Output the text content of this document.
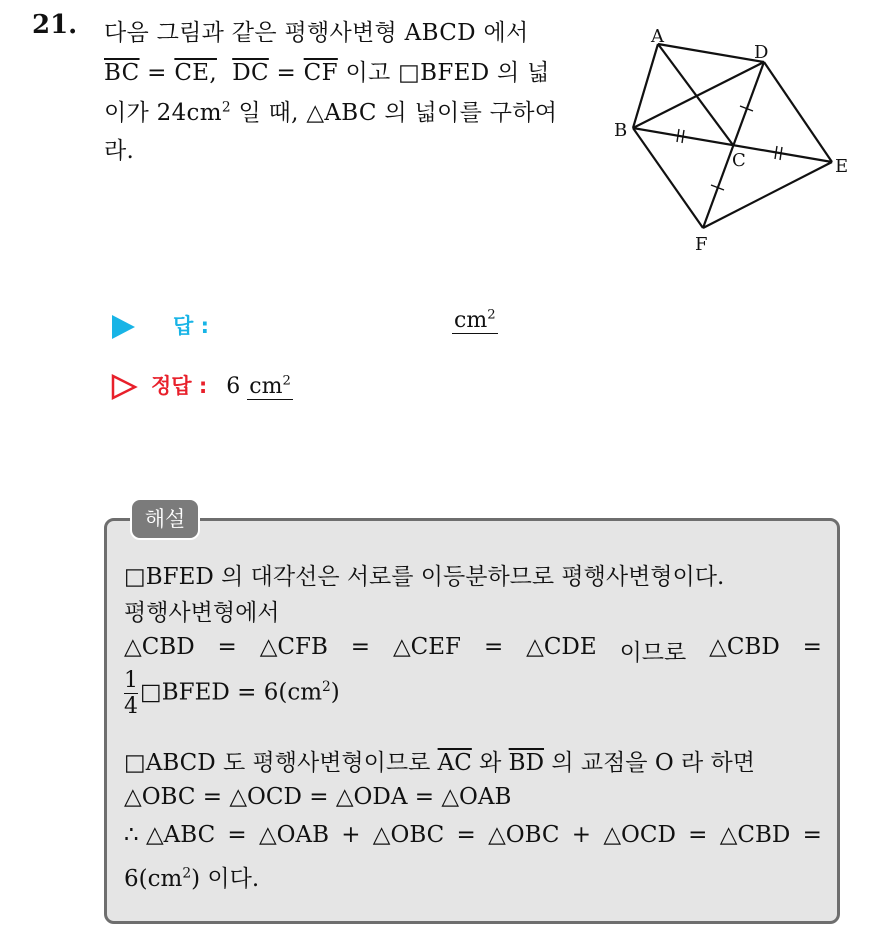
21. 다음 그림과 같은 평행사변형 ABCD 에서
$\overline{BC}$ = CE, $\overline{DC} = \overline{CF}$ 이고 □BFED 의 넓
이가 $24cm^2$ 일 때, △ABC 의 넓이를 구하여
라.
A
D
B
C	E
F
답 :	$cm^2$
정답 : 6 $cm^2$
해설
□BFED 의 대각선은 서로를 이등분하므로 평행사변형이다.
평행사변형에서
△CBD = △CFB = △CEF = △CDE 이므로 △CBD =
$\frac{1}{4}$ □BFED = $6(cm^2)$
□ABCD 도 평행사변형이므로 $\overline{AC}$ 와 $\overline{BD}$ 의 교점을 O 라 하면
△OBC = △OCD = △ODA = △OAB
∴ △ABC = △OAB + △OBC = △OBC + △OCD = △CBD =
$6(cm^2)$ 이다.
